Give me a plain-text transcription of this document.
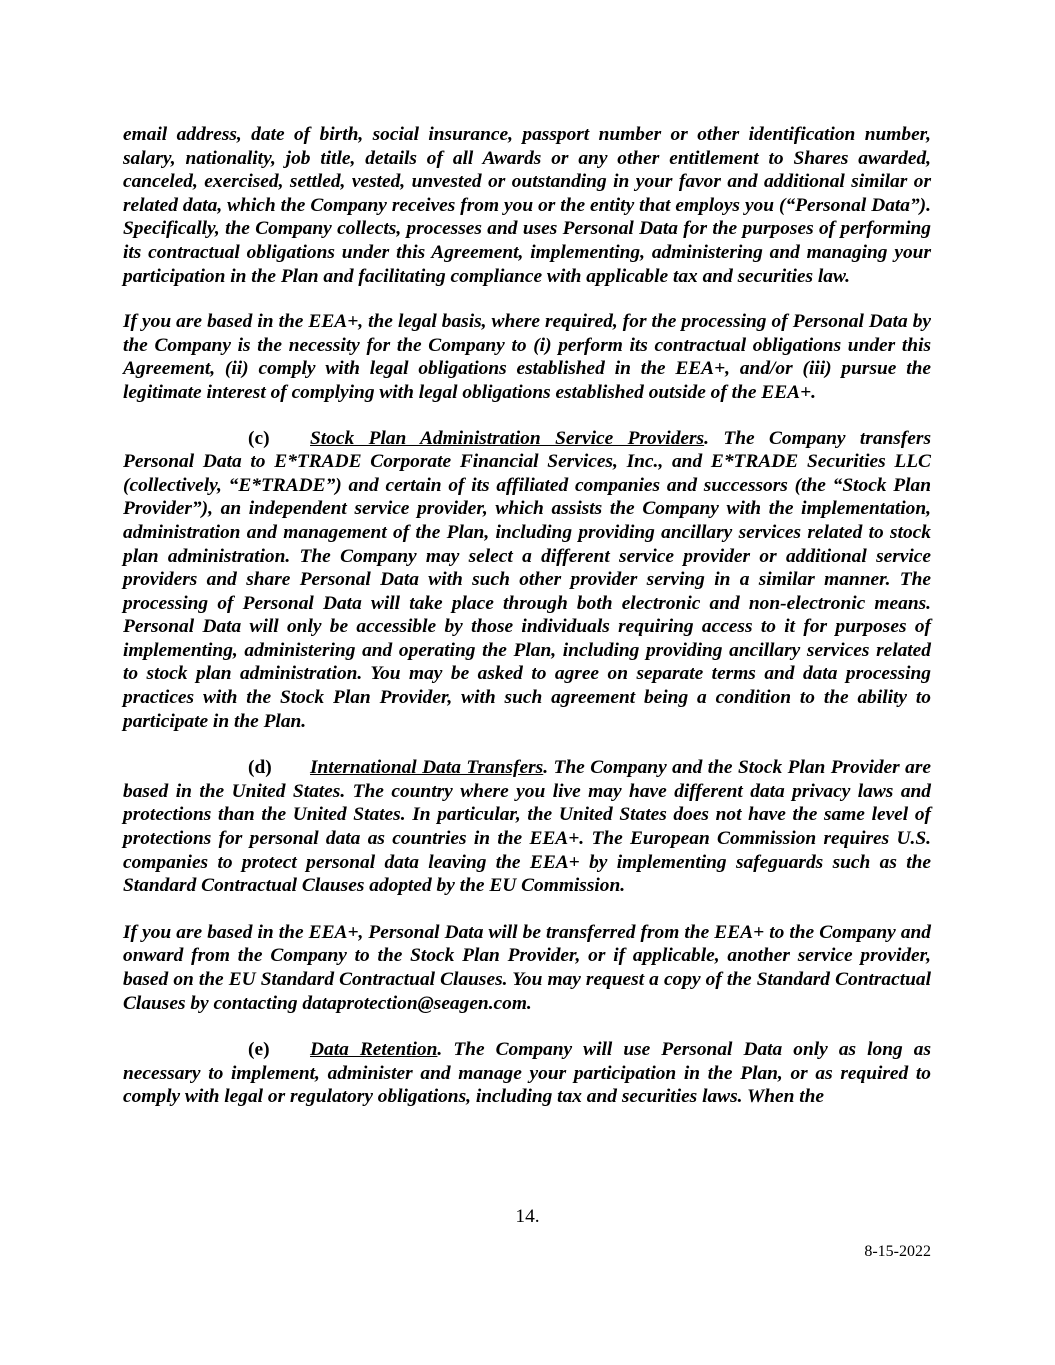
email address, date of birth, social insurance, passport number or other identification number, salary, nationality, job title, details of all Awards or any other entitlement to Shares awarded, canceled, exercised, settled, vested, unvested or outstanding in your favor and additional similar or related data, which the Company receives from you or the entity that employs you (“Personal Data”). Specifically, the Company collects, processes and uses Personal Data for the purposes of performing its contractual obligations under this Agreement, implementing, administering and managing your participation in the Plan and facilitating compliance with applicable tax and securities law.

If you are based in the EEA+, the legal basis, where required, for the processing of Personal Data by the Company is the necessity for the Company to (i) perform its contractual obligations under this Agreement, (ii) comply with legal obligations established in the EEA+, and/or (iii) pursue the legitimate interest of complying with legal obligations established outside of the EEA+.

(c) Stock Plan Administration Service Providers. The Company transfers Personal Data to E*TRADE Corporate Financial Services, Inc., and E*TRADE Securities LLC (collectively, “E*TRADE”) and certain of its affiliated companies and successors (the “Stock Plan Provider”), an independent service provider, which assists the Company with the implementation, administration and management of the Plan, including providing ancillary services related to stock plan administration. The Company may select a different service provider or additional service providers and share Personal Data with such other provider serving in a similar manner. The processing of Personal Data will take place through both electronic and non-electronic means. Personal Data will only be accessible by those individuals requiring access to it for purposes of implementing, administering and operating the Plan, including providing ancillary services related to stock plan administration. You may be asked to agree on separate terms and data processing practices with the Stock Plan Provider, with such agreement being a condition to the ability to participate in the Plan.

(d) International Data Transfers. The Company and the Stock Plan Provider are based in the United States. The country where you live may have different data privacy laws and protections than the United States. In particular, the United States does not have the same level of protections for personal data as countries in the EEA+. The European Commission requires U.S. companies to protect personal data leaving the EEA+ by implementing safeguards such as the Standard Contractual Clauses adopted by the EU Commission.

If you are based in the EEA+, Personal Data will be transferred from the EEA+ to the Company and onward from the Company to the Stock Plan Provider, or if applicable, another service provider, based on the EU Standard Contractual Clauses. You may request a copy of the Standard Contractual Clauses by contacting dataprotection@seagen.com.

(e) Data Retention. The Company will use Personal Data only as long as necessary to implement, administer and manage your participation in the Plan, or as required to comply with legal or regulatory obligations, including tax and securities laws. When the

14.
8-15-2022
